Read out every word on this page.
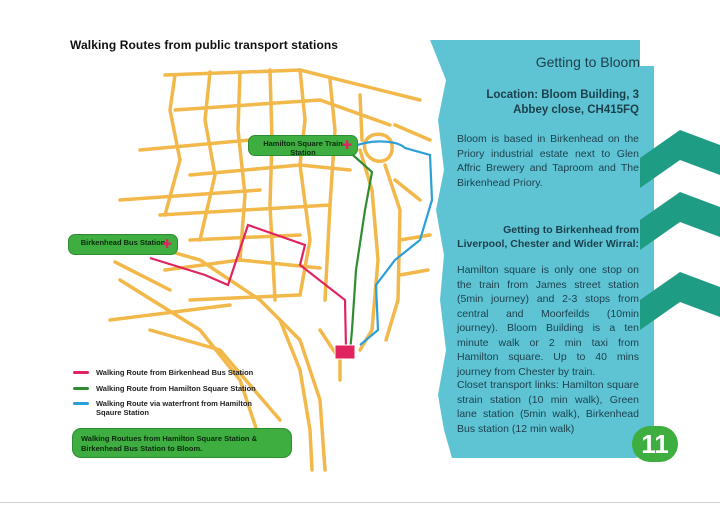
Walking Routes from public transport stations
Hamilton Square Train Station
✚
Birkenhead Bus Station
✚
Walking Route from Birkenhead Bus Station
Walking Route from Hamilton Square Station
Walking Route via waterfront from Hamilton Sqaure Station
Walking Routues from Hamilton Square Station & Birkenhead Bus Station to Bloom.
Getting to Bloom
Location: Bloom Building, 3 Abbey close, CH415FQ
Bloom is based in Birkenhead on the Priory industrial estate next to Glen Affric Brewery and Taproom and The Birkenhead Priory.
Getting to Birkenhead from Liverpool, Chester and Wider Wirral:
Hamilton square is only one stop on the train from James street station (5min journey) and 2-3 stops from central and Moorfeilds (10min journey). Bloom Building is a ten minute walk or 2 min taxi from Hamilton square. Up to 40 mins journey from Chester by train.
Closet transport links: Hamilton square strain station (10 min walk), Green lane station (5min walk), Birkenhead Bus station (12 min walk)
11
